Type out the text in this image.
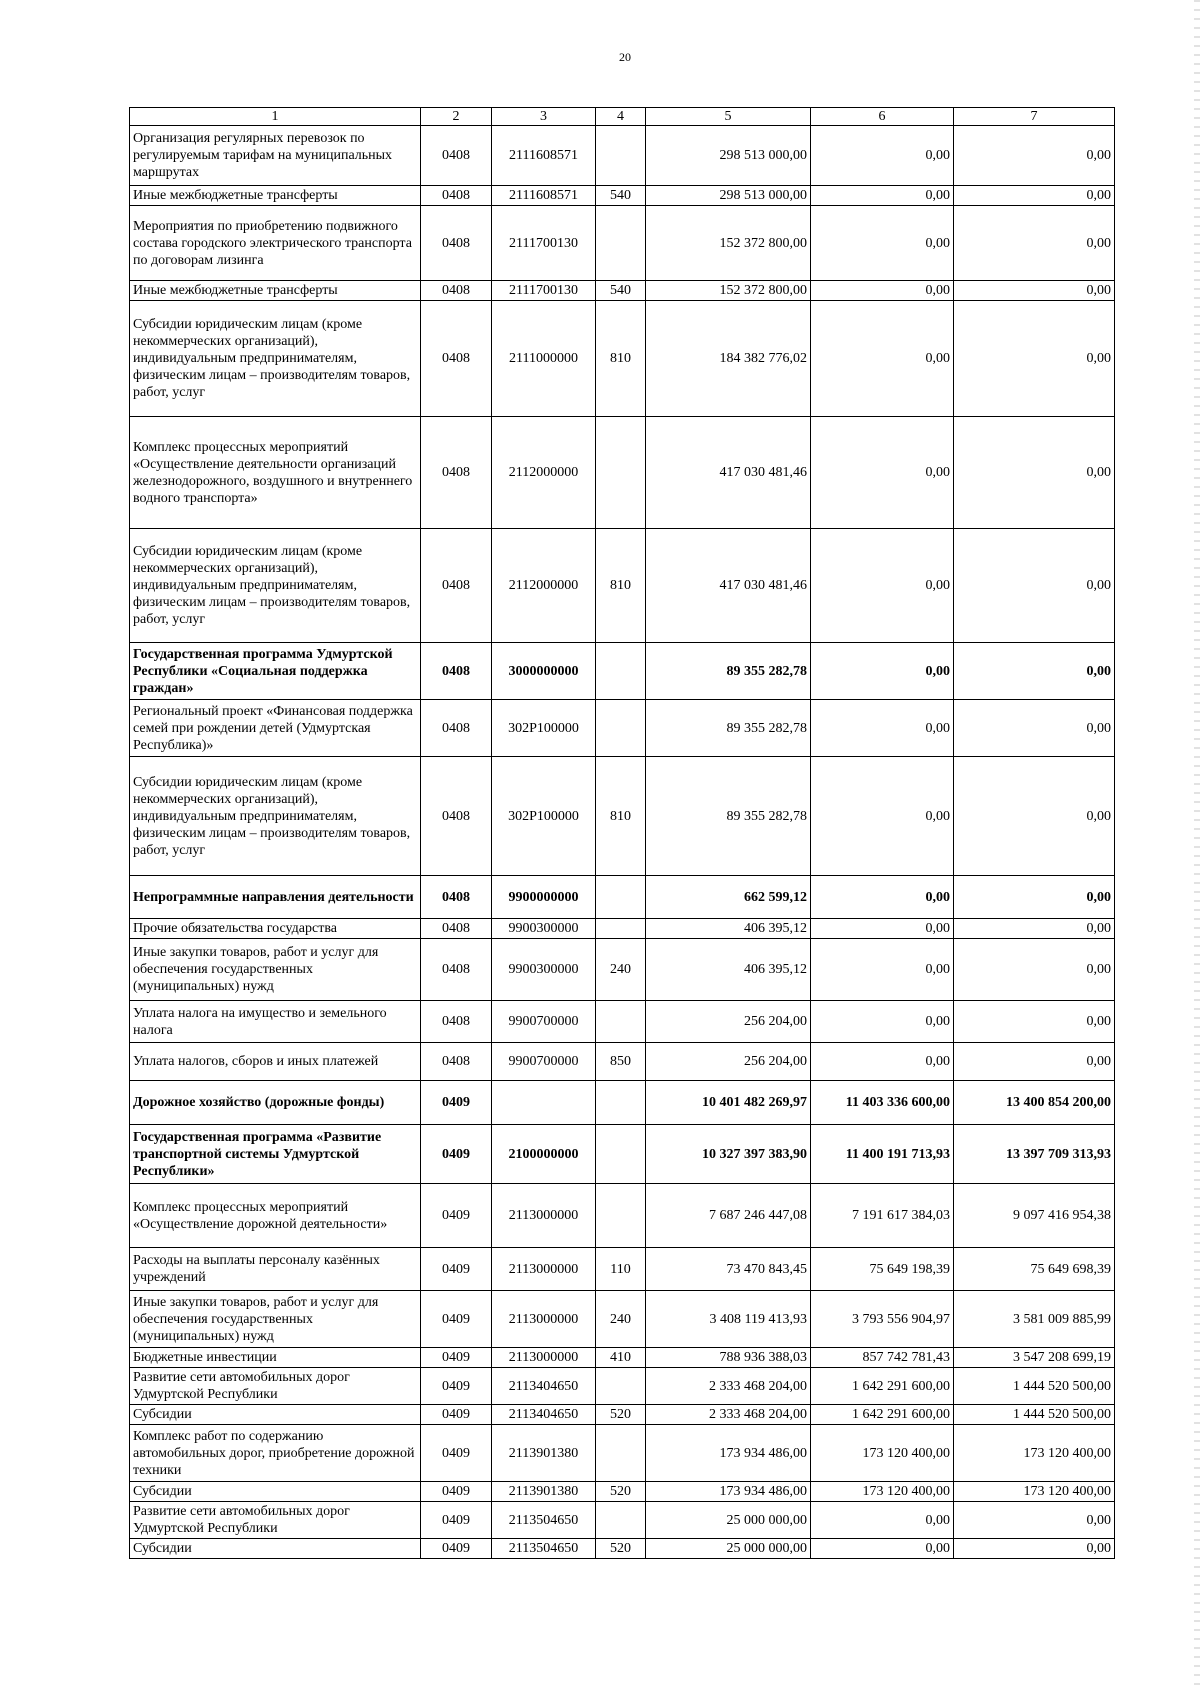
20
1	2	3	4	5	6	7
Организация регулярных перевозок по регулируемым тарифам на муниципальных маршрутах	0408	2111608571		298 513 000,00	0,00	0,00
Иные межбюджетные трансферты	0408	2111608571	540	298 513 000,00	0,00	0,00
Мероприятия по приобретению подвижного состава городского электрического транспорта по договорам лизинга	0408	2111700130		152 372 800,00	0,00	0,00
Иные межбюджетные трансферты	0408	2111700130	540	152 372 800,00	0,00	0,00
Субсидии юридическим лицам (кроме некоммерческих организаций), индивидуальным предпринимателям, физическим лицам – производителям товаров, работ, услуг	0408	2111000000	810	184 382 776,02	0,00	0,00
Комплекс процессных мероприятий «Осуществление деятельности организаций железнодорожного, воздушного и внутреннего водного транспорта»	0408	2112000000		417 030 481,46	0,00	0,00
Субсидии юридическим лицам (кроме некоммерческих организаций), индивидуальным предпринимателям, физическим лицам – производителям товаров, работ, услуг	0408	2112000000	810	417 030 481,46	0,00	0,00
Государственная программа Удмуртской Республики «Социальная поддержка граждан»	0408	3000000000		89 355 282,78	0,00	0,00
Региональный проект «Финансовая поддержка семей при рождении детей (Удмуртская Республика)»	0408	302P100000		89 355 282,78	0,00	0,00
Субсидии юридическим лицам (кроме некоммерческих организаций), индивидуальным предпринимателям, физическим лицам – производителям товаров, работ, услуг	0408	302P100000	810	89 355 282,78	0,00	0,00
Непрограммные направления деятельности	0408	9900000000		662 599,12	0,00	0,00
Прочие обязательства государства	0408	9900300000		406 395,12	0,00	0,00
Иные закупки товаров, работ и услуг для обеспечения государственных (муниципальных) нужд	0408	9900300000	240	406 395,12	0,00	0,00
Уплата налога на имущество и земельного налога	0408	9900700000		256 204,00	0,00	0,00
Уплата налогов, сборов и иных платежей	0408	9900700000	850	256 204,00	0,00	0,00
Дорожное хозяйство (дорожные фонды)	0409			10 401 482 269,97	11 403 336 600,00	13 400 854 200,00
Государственная программа «Развитие транспортной системы Удмуртской Республики»	0409	2100000000		10 327 397 383,90	11 400 191 713,93	13 397 709 313,93
Комплекс процессных мероприятий «Осуществление дорожной деятельности»	0409	2113000000		7 687 246 447,08	7 191 617 384,03	9 097 416 954,38
Расходы на выплаты персоналу казённых учреждений	0409	2113000000	110	73 470 843,45	75 649 198,39	75 649 698,39
Иные закупки товаров, работ и услуг для обеспечения государственных (муниципальных) нужд	0409	2113000000	240	3 408 119 413,93	3 793 556 904,97	3 581 009 885,99
Бюджетные инвестиции	0409	2113000000	410	788 936 388,03	857 742 781,43	3 547 208 699,19
Развитие сети автомобильных дорог Удмуртской Республики	0409	2113404650		2 333 468 204,00	1 642 291 600,00	1 444 520 500,00
Субсидии	0409	2113404650	520	2 333 468 204,00	1 642 291 600,00	1 444 520 500,00
Комплекс работ по содержанию автомобильных дорог, приобретение дорожной техники	0409	2113901380		173 934 486,00	173 120 400,00	173 120 400,00
Субсидии	0409	2113901380	520	173 934 486,00	173 120 400,00	173 120 400,00
Развитие сети автомобильных дорог Удмуртской Республики	0409	2113504650		25 000 000,00	0,00	0,00
Субсидии	0409	2113504650	520	25 000 000,00	0,00	0,00
